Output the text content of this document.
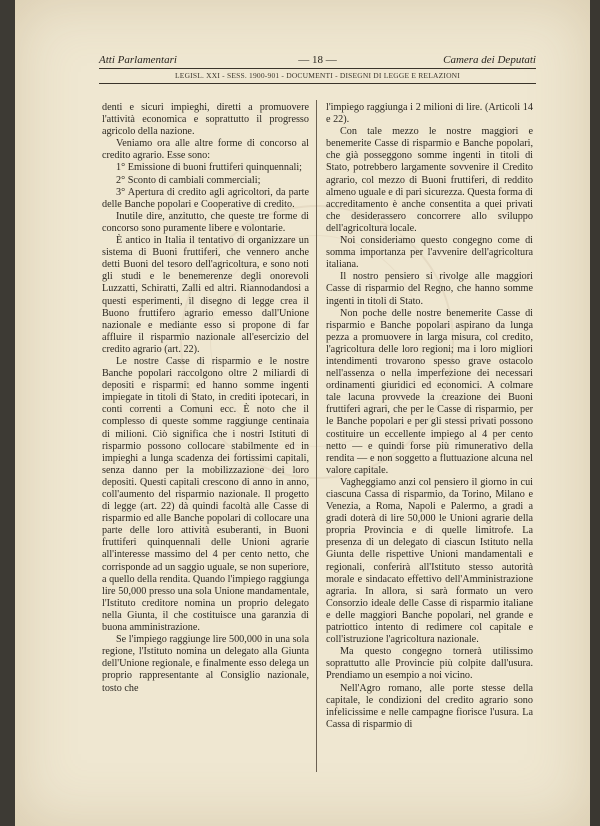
Atti Parlamentari	— 18 —	Camera dei Deputati
LEGISL. XXI - SESS. 1900-901 - DOCUMENTI - DISEGNI DI LEGGE E RELAZIONI

denti e sicuri impieghi, diretti a promuovere l'attività economica e soprattutto il progresso agricolo della nazione.

Veniamo ora alle altre forme di concorso al credito agrario. Esse sono:

1° Emissione di buoni fruttiferi quinquennali;

2° Sconto di cambiali commerciali;

3° Apertura di credito agli agricoltori, da parte delle Banche popolari e Cooperative di credito.

Inutile dire, anzitutto, che queste tre forme di concorso sono puramente libere e volontarie.

È antico in Italia il tentativo di organizzare un sistema di Buoni fruttiferi, che vennero anche detti Buoni del tesoro dell'agricoltura, e sono noti gli studi e le benemerenze degli onorevoli Luzzatti, Schiratti, Zalli ed altri. Riannodandosi a questi esperimenti, il disegno di legge crea il Buono fruttifero agrario emesso dall'Unione nazionale e mediante esso si propone di far affluire il risparmio nazionale all'esercizio del credito agrario (art. 22).

Le nostre Casse di risparmio e le nostre Banche popolari raccolgono oltre 2 miliardi di depositi e risparmi: ed hanno somme ingenti impiegate in titoli di Stato, in crediti ipotecari, in conti correnti a Comuni ecc. È noto che il complesso di queste somme raggiunge centinaia di milioni. Ciò significa che i nostri Istituti di risparmio possono collocare stabilmente ed in impieghi a lunga scadenza dei fortissimi capitali, senza danno per la mobilizzazione dei loro depositi. Questi capitali crescono di anno in anno, coll'aumento del risparmio nazionale. Il progetto di legge (art. 22) dà quindi facoltà alle Casse di risparmio ed alle Banche popolari di collocare una parte delle loro attività esuberanti, in Buoni fruttiferi quinquennali delle Unioni agrarie all'interesse massimo del 4 per cento netto, che corrisponde ad un saggio uguale, se non superiore, a quello della rendita. Quando l'impiego raggiunga lire 50,000 presso una sola Unione mandamentale, l'Istituto creditore nomina un proprio delegato nella Giunta, il che costituisce una garanzia di buona amministrazione.

Se l'impiego raggiunge lire 500,000 in una sola regione, l'Istituto nomina un delegato alla Giunta dell'Unione regionale, e finalmente esso delega un proprio rappresentante al Consiglio nazionale, tosto che

l'impiego raggiunga i 2 milioni di lire. (Articoli 14 e 22).

Con tale mezzo le nostre maggiori e benemerite Casse di risparmio e Banche popolari, che già posseggono somme ingenti in titoli di Stato, potrebbero largamente sovvenire il Credito agrario, col mezzo di Buoni fruttiferi, di reddito almeno uguale e di pari sicurezza. Questa forma di accreditamento è anche consentita a quei privati che desiderassero concorrere allo sviluppo dell'agricoltura locale.

Noi consideriamo questo congegno come di somma importanza per l'avvenire dell'agricoltura italiana.

Il nostro pensiero si rivolge alle maggiori Casse di risparmio del Regno, che hanno somme ingenti in titoli di Stato.

Non poche delle nostre benemerite Casse di risparmio e Banche popolari aspirano da lunga pezza a promuovere in larga misura, col credito, l'agricoltura delle loro regioni; ma i loro migliori intendimenti trovarono spesso grave ostacolo nell'assenza o nella imperfezione dei necessari ordinamenti giuridici ed economici. A colmare tale lacuna provvede la creazione dei Buoni fruttiferi agrari, che per le Casse di risparmio, per le Banche popolari e per gli stessi privati possono costituire un eccellente impiego al 4 per cento netto — e quindi forse più rimunerativo della rendita — e non soggetto a fluttuazione alcuna nel valore capitale.

Vagheggiamo anzi col pensiero il giorno in cui ciascuna Cassa di risparmio, da Torino, Milano e Venezia, a Roma, Napoli e Palermo, a gradi a gradi doterà di lire 50,000 le Unioni agrarie della propria Provincia e di quelle limitrofe. La presenza di un delegato di ciascun Istituto nella Giunta delle rispettive Unioni mandamentali e regionali, conferirà all'Istituto stesso autorità morale e sindacato effettivo dell'Amministrazione agraria. In allora, si sarà formato un vero Consorzio ideale delle Casse di risparmio italiane e delle maggiori Banche popolari, nel grande e patriottico intento di redimere col capitale e coll'istruzione l'agricoltura nazionale.

Ma questo congegno tornerà utilissimo soprattutto alle Provincie più colpite dall'usura. Prendiamo un esempio a noi vicino.

Nell'Agro romano, alle porte stesse della capitale, le condizioni del credito agrario sono infelicissime e nelle campagne fiorisce l'usura. La Cassa di risparmio di
